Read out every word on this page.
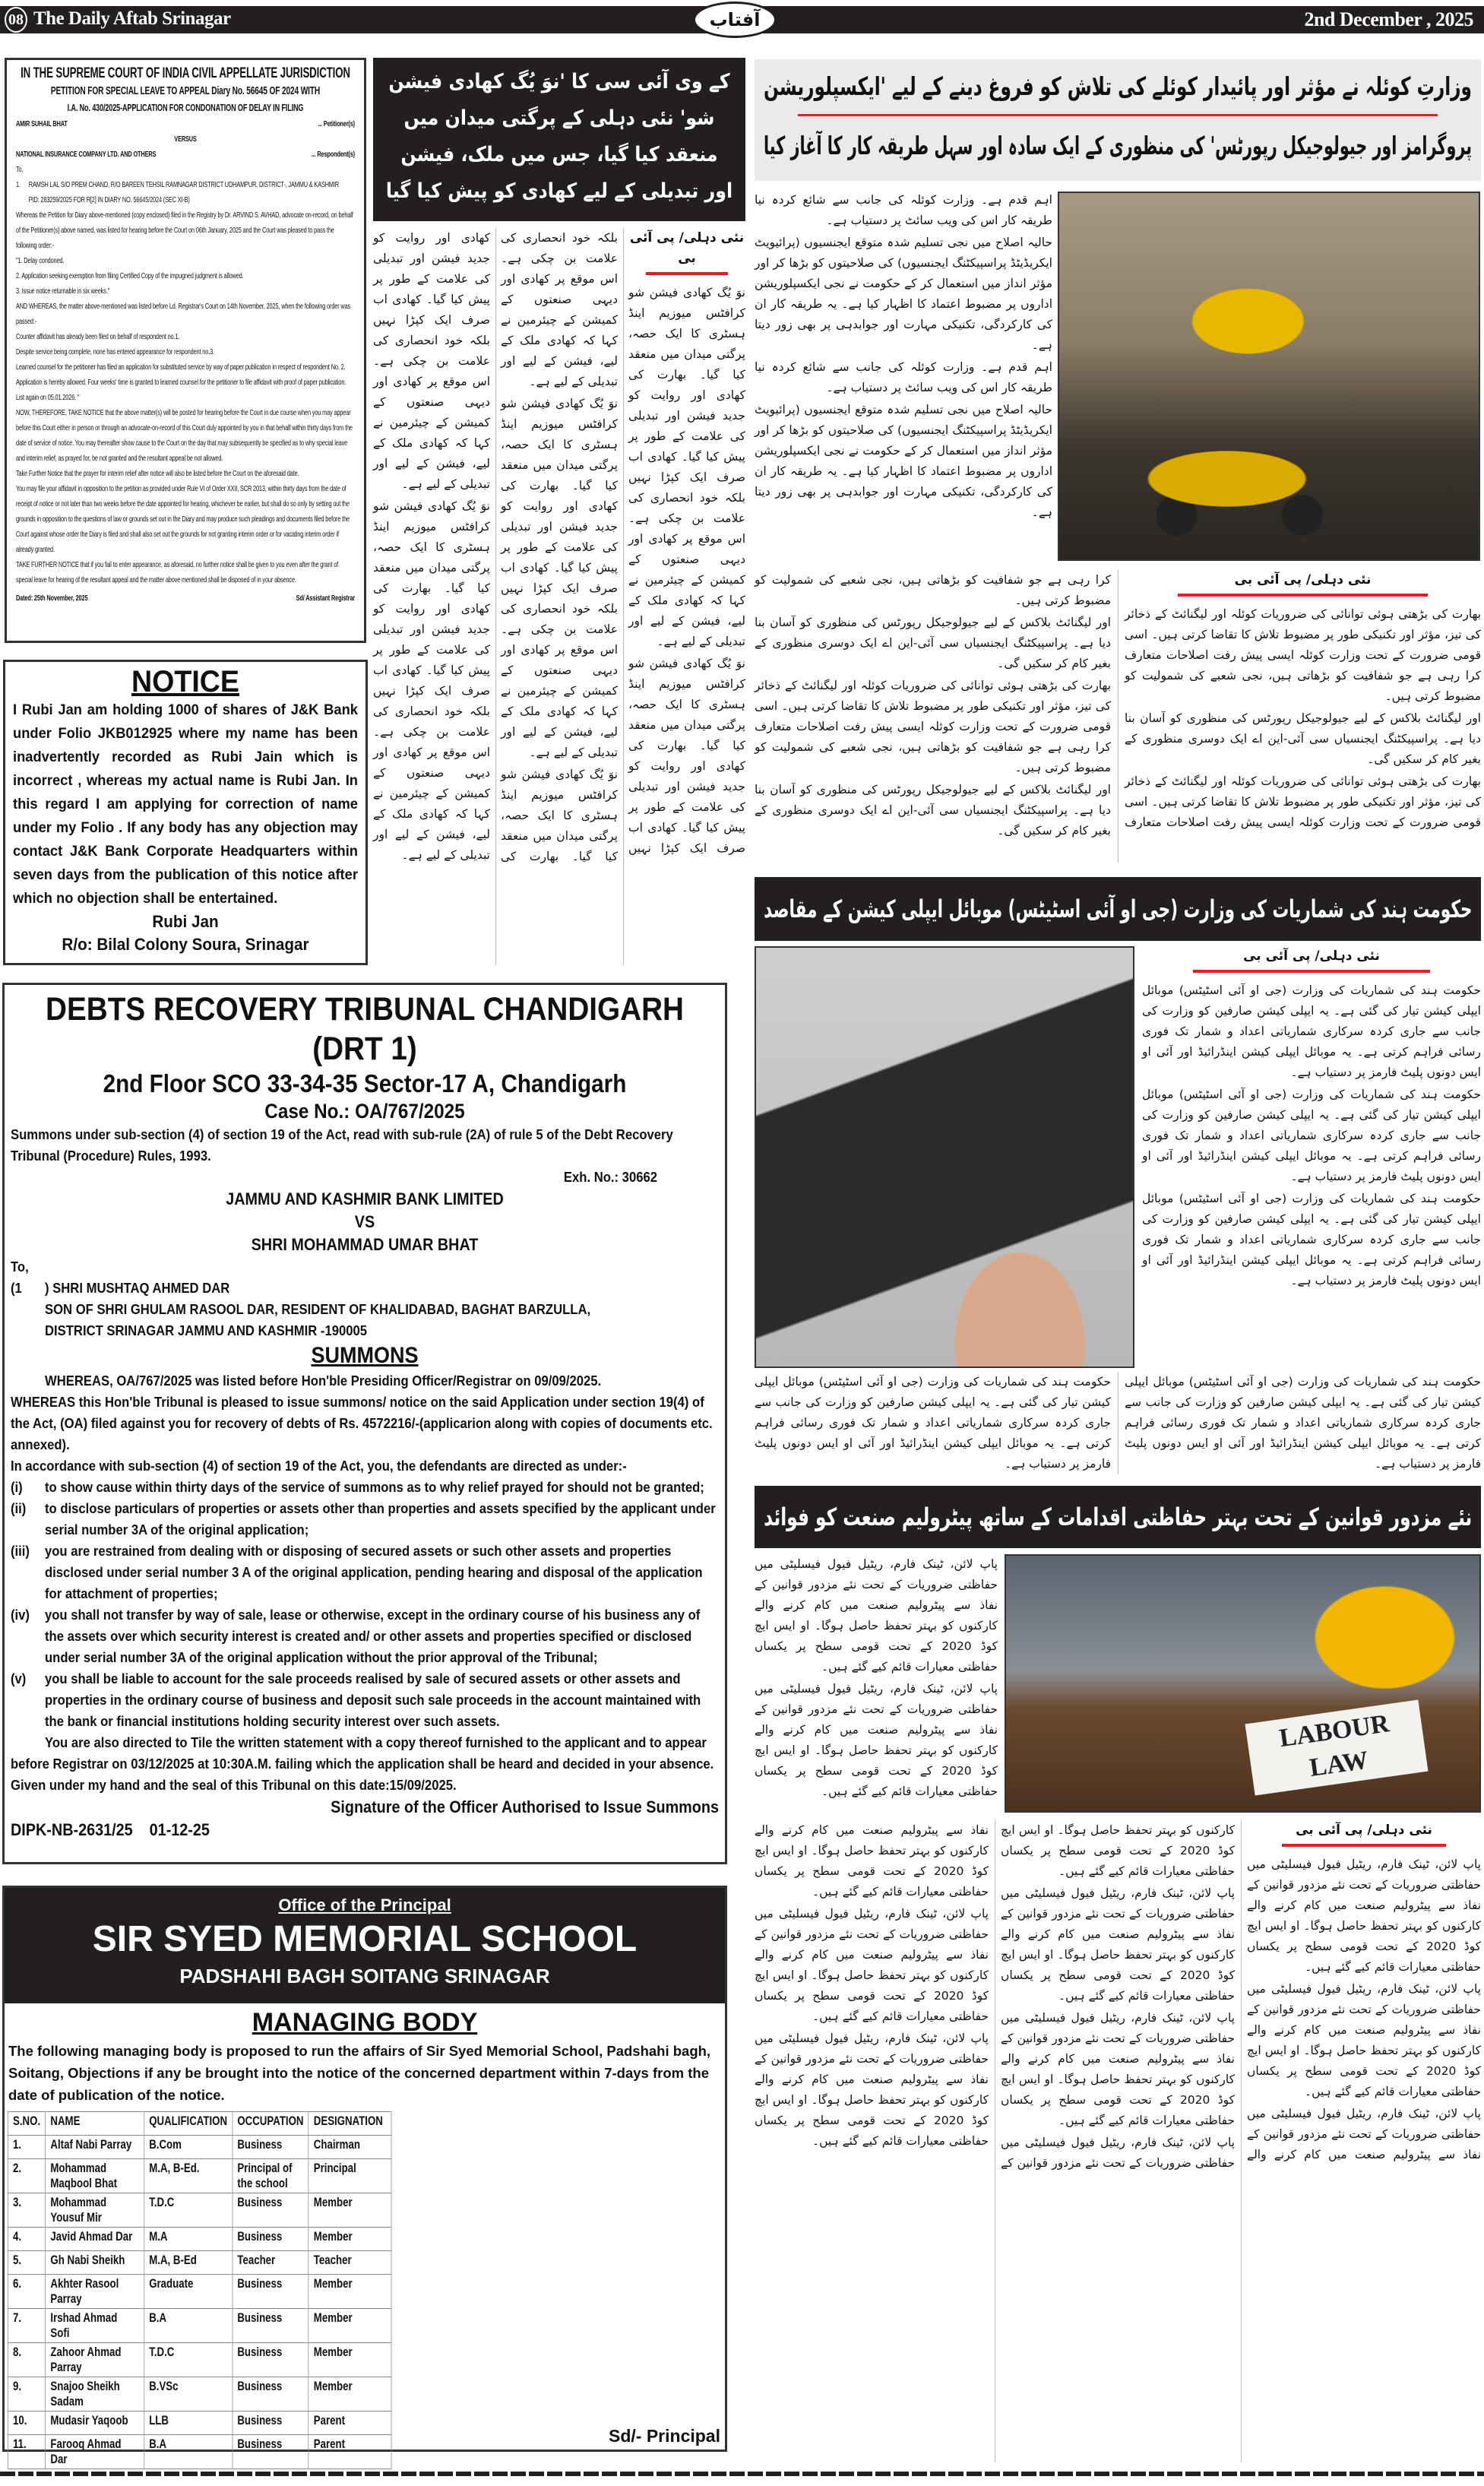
08 The Daily Aftab Srinagar	آفتاب	2nd December , 2025
IN THE SUPREME COURT OF INDIA CIVIL APPELLATE JURISDICTION
PETITION FOR SPECIAL LEAVE TO APPEAL Diary No. 56645 OF 2024 WITH
I.A. No. 430/2025-APPLICATION FOR CONDONATION OF DELAY IN FILING
AMIR SUHAIL BHAT	... Petitioner(s)
VERSUS
NATIONAL INSURANCE COMPANY LTD. AND OTHERS	... Respondent(s)
To,
1.	RAMSH LAL S/O PREM CHAND, R/O BAREEN TEHSIL RAMNAGAR DISTRICT UDHAMPUR, DISTRICT-, JAMMU & KASHMIR
PID: 283259/2025 FOR R[2] IN DIARY NO. 56645/2024 (SEC XI-B)
Whereas the Petition for Diary above-mentioned (copy enclosed) filed in the Registry by Dr. ARVIND S. AVHAD, advocate on-record, on behalf of the Petitioner(s) above named, was listed for hearing before the Court on 06th January, 2025 and the Court was pleased to pass the following order:-
"1. Delay condoned.
2. Application seeking exemption from filing Certified Copy of the impugned judgment is allowed.
3. Issue notice returnable in six weeks."
AND WHEREAS, the matter above-mentioned was listed before Ld. Registrar's Court on 14th November, 2025, when the following order was passed:-
Counter affidavit has already been filed on behalf of respondent no.1.
Despite service being complete, none has entered appearance for respondent no.3.
Learned counsel for the petitioner has filed an application for substituted service by way of paper publication in respect of respondent No. 2. Application is hereby allowed. Four weeks' time is granted to learned counsel for the petitioner to file affidavit with proof of paper publication.
List again on 05.01.2026. "
NOW, THEREFORE, TAKE NOTICE that the above matter(s) will be posted for hearing before the Court in due course when you may appear before this Court either in person or through an advocate-on-record of this Court duly appointed by you in that behalf within thirty days from the date of service of notice. You may thereafter show cause to the Court on the day that may subsequently be specified as to why special leave and interim relief, as prayed for, be not granted and the resultant appeal be not allowed.
Take Further Notice that the prayer for interim relief after notice will also be listed before the Court on the aforesaid date.
You may file your affidavit in opposition to the petition as provided under Rule VI of Order XXII, SCR 2013, within thirty days from the date of receipt of notice or not later than two weeks before the date appointed for hearing, whichever be earlier, but shall do so only by setting out the grounds in opposition to the questions of law or grounds set out in the Diary and may produce such pleadings and documents filed before the Court against whose order the Diary is filed and shall also set out the grounds for not granting interim order or for vacating interim order if already granted.
TAKE FURTHER NOTICE that if you fail to enter appearance, as aforesaid, no further notice shall be given to you even after the grant of special leave for hearing of the resultant appeal and the matter above mentioned shall be disposed of in your absence.
Dated: 25th November, 2025	Sd/ Assistant Registrar
NOTICE
I Rubi Jan am holding 1000 of shares of J&K Bank under Folio JKB012925 where my name has been inadvertently recorded as Rubi Jain which is incorrect , whereas my actual name is Rubi Jan. In this regard I am applying for correction of name under my Folio . If any body has any objection may contact J&K Bank Corporate Headquarters within seven days from the publication of this notice after which no objection shall be entertained.
Rubi Jan
R/o: Bilal Colony Soura, Srinagar
کے وی آئی سی کا 'نوَ یُگ کھادی فیشن شو' نئی دہلی کے پرگتی میدان میں منعقد کیا گیا، جس میں ملک، فیشن اور تبدیلی کے لیے کھادی کو پیش کیا گیا
نئی دہلی/ پی آئی بی

نوَ یُگ کھادی فیشن شو کرافٹس میوزیم اینڈ ہسٹری کا ایک حصہ، پرگتی میدان میں منعقد کیا گیا۔ بھارت کی کھادی اور روایت کو جدید فیشن اور تبدیلی کی علامت کے طور پر پیش کیا گیا۔ کھادی اب صرف ایک کپڑا نہیں بلکہ خود انحصاری کی علامت بن چکی ہے۔ اس موقع پر کھادی اور دیہی صنعتوں کے کمیشن کے چیئرمین نے کہا کہ کھادی ملک کے لیے، فیشن کے لیے اور تبدیلی کے لیے ہے۔

نوَ یُگ کھادی فیشن شو کرافٹس میوزیم اینڈ ہسٹری کا ایک حصہ، پرگتی میدان میں منعقد کیا گیا۔ بھارت کی کھادی اور روایت کو جدید فیشن اور تبدیلی کی علامت کے طور پر پیش کیا گیا۔ کھادی اب صرف ایک کپڑا نہیں بلکہ خود انحصاری کی علامت بن چکی ہے۔ اس موقع پر کھادی اور دیہی صنعتوں کے کمیشن کے چیئرمین نے کہا کہ کھادی ملک کے لیے، فیشن کے لیے اور تبدیلی کے لیے ہے۔

نوَ یُگ کھادی فیشن شو کرافٹس میوزیم اینڈ ہسٹری کا ایک حصہ، پرگتی میدان میں منعقد کیا گیا۔ بھارت کی کھادی اور روایت کو جدید فیشن اور تبدیلی کی علامت کے طور پر پیش کیا گیا۔ کھادی اب صرف ایک کپڑا نہیں بلکہ خود انحصاری کی علامت بن چکی ہے۔ اس موقع پر کھادی اور دیہی صنعتوں کے کمیشن کے چیئرمین نے کہا کہ کھادی ملک کے لیے، فیشن کے لیے اور تبدیلی کے لیے ہے۔

نوَ یُگ کھادی فیشن شو کرافٹس میوزیم اینڈ ہسٹری کا ایک حصہ، پرگتی میدان میں منعقد کیا گیا۔ بھارت کی کھادی اور روایت کو جدید فیشن اور تبدیلی کی علامت کے طور پر پیش کیا گیا۔ کھادی اب صرف ایک کپڑا نہیں بلکہ خود انحصاری کی علامت بن چکی ہے۔ اس موقع پر کھادی اور دیہی صنعتوں کے کمیشن کے چیئرمین نے کہا کہ کھادی ملک کے لیے، فیشن کے لیے اور تبدیلی کے لیے ہے۔

نوَ یُگ کھادی فیشن شو کرافٹس میوزیم اینڈ ہسٹری کا ایک حصہ، پرگتی میدان میں منعقد کیا گیا۔ بھارت کی کھادی اور روایت کو جدید فیشن اور تبدیلی کی علامت کے طور پر پیش کیا گیا۔ کھادی اب صرف ایک کپڑا نہیں بلکہ خود انحصاری کی علامت بن چکی ہے۔ اس موقع پر کھادی اور دیہی صنعتوں کے کمیشن کے چیئرمین نے کہا کہ کھادی ملک کے لیے، فیشن کے لیے اور تبدیلی کے لیے ہے۔

وزارتِ کوئلہ نے مؤثر اور پائیدار کوئلے کی تلاش کو فروغ دینے کے لیے 'ایکسپلوریشن
پروگرامز اور جیولوجیکل رپورٹس' کی منظوری کے ایک سادہ اور سہل طریقہ کار کا آغاز کیا

اہم قدم ہے۔ وزارت کوئلہ کی جانب سے شائع کردہ نیا طریقہ کار اس کی ویب سائٹ پر دستیاب ہے۔

حالیہ اصلاح میں نجی تسلیم شدہ متوقع ایجنسیوں (پرائیویٹ ایکریڈیٹڈ پراسپیکٹنگ ایجنسیوں) کی صلاحیتوں کو بڑھا کر اور مؤثر انداز میں استعمال کر کے حکومت نے نجی ایکسپلوریشن اداروں پر مضبوط اعتماد کا اظہار کیا ہے۔ یہ طریقہ کار ان کی کارکردگی، تکنیکی مہارت اور جوابدہی پر بھی زور دیتا ہے۔

اہم قدم ہے۔ وزارت کوئلہ کی جانب سے شائع کردہ نیا طریقہ کار اس کی ویب سائٹ پر دستیاب ہے۔

حالیہ اصلاح میں نجی تسلیم شدہ متوقع ایجنسیوں (پرائیویٹ ایکریڈیٹڈ پراسپیکٹنگ ایجنسیوں) کی صلاحیتوں کو بڑھا کر اور مؤثر انداز میں استعمال کر کے حکومت نے نجی ایکسپلوریشن اداروں پر مضبوط اعتماد کا اظہار کیا ہے۔ یہ طریقہ کار ان کی کارکردگی، تکنیکی مہارت اور جوابدہی پر بھی زور دیتا ہے۔

نئی دہلی/ پی آئی بی

بھارت کی بڑھتی ہوئی توانائی کی ضروریات کوئلہ اور لیگنائٹ کے ذخائر کی تیز، مؤثر اور تکنیکی طور پر مضبوط تلاش کا تقاضا کرتی ہیں۔ اسی قومی ضرورت کے تحت وزارت کوئلہ ایسی پیش رفت اصلاحات متعارف کرا رہی ہے جو شفافیت کو بڑھاتی ہیں، نجی شعبے کی شمولیت کو مضبوط کرتی ہیں۔

اور لیگنائٹ بلاکس کے لیے جیولوجیکل رپورٹس کی منظوری کو آسان بنا دیا ہے۔ پراسپیکٹنگ ایجنسیاں سی آئی-این اے ایک دوسری منظوری کے بغیر کام کر سکیں گی۔

بھارت کی بڑھتی ہوئی توانائی کی ضروریات کوئلہ اور لیگنائٹ کے ذخائر کی تیز، مؤثر اور تکنیکی طور پر مضبوط تلاش کا تقاضا کرتی ہیں۔ اسی قومی ضرورت کے تحت وزارت کوئلہ ایسی پیش رفت اصلاحات متعارف کرا رہی ہے جو شفافیت کو بڑھاتی ہیں، نجی شعبے کی شمولیت کو مضبوط کرتی ہیں۔

اور لیگنائٹ بلاکس کے لیے جیولوجیکل رپورٹس کی منظوری کو آسان بنا دیا ہے۔ پراسپیکٹنگ ایجنسیاں سی آئی-این اے ایک دوسری منظوری کے بغیر کام کر سکیں گی۔

بھارت کی بڑھتی ہوئی توانائی کی ضروریات کوئلہ اور لیگنائٹ کے ذخائر کی تیز، مؤثر اور تکنیکی طور پر مضبوط تلاش کا تقاضا کرتی ہیں۔ اسی قومی ضرورت کے تحت وزارت کوئلہ ایسی پیش رفت اصلاحات متعارف کرا رہی ہے جو شفافیت کو بڑھاتی ہیں، نجی شعبے کی شمولیت کو مضبوط کرتی ہیں۔

اور لیگنائٹ بلاکس کے لیے جیولوجیکل رپورٹس کی منظوری کو آسان بنا دیا ہے۔ پراسپیکٹنگ ایجنسیاں سی آئی-این اے ایک دوسری منظوری کے بغیر کام کر سکیں گی۔

حکومت ہند کی شماریات کی وزارت (جی او آئی اسٹیٹس) موبائل ایپلی کیشن کے مقاصد
نئی دہلی/ پی آئی بی

حکومت ہند کی شماریات کی وزارت (جی او آئی اسٹیٹس) موبائل ایپلی کیشن تیار کی گئی ہے۔ یہ ایپلی کیشن صارفین کو وزارت کی جانب سے جاری کردہ سرکاری شماریاتی اعداد و شمار تک فوری رسائی فراہم کرتی ہے۔ یہ موبائل ایپلی کیشن اینڈرائیڈ اور آئی او ایس دونوں پلیٹ فارمز پر دستیاب ہے۔

حکومت ہند کی شماریات کی وزارت (جی او آئی اسٹیٹس) موبائل ایپلی کیشن تیار کی گئی ہے۔ یہ ایپلی کیشن صارفین کو وزارت کی جانب سے جاری کردہ سرکاری شماریاتی اعداد و شمار تک فوری رسائی فراہم کرتی ہے۔ یہ موبائل ایپلی کیشن اینڈرائیڈ اور آئی او ایس دونوں پلیٹ فارمز پر دستیاب ہے۔

حکومت ہند کی شماریات کی وزارت (جی او آئی اسٹیٹس) موبائل ایپلی کیشن تیار کی گئی ہے۔ یہ ایپلی کیشن صارفین کو وزارت کی جانب سے جاری کردہ سرکاری شماریاتی اعداد و شمار تک فوری رسائی فراہم کرتی ہے۔ یہ موبائل ایپلی کیشن اینڈرائیڈ اور آئی او ایس دونوں پلیٹ فارمز پر دستیاب ہے۔

حکومت ہند کی شماریات کی وزارت (جی او آئی اسٹیٹس) موبائل ایپلی کیشن تیار کی گئی ہے۔ یہ ایپلی کیشن صارفین کو وزارت کی جانب سے جاری کردہ سرکاری شماریاتی اعداد و شمار تک فوری رسائی فراہم کرتی ہے۔ یہ موبائل ایپلی کیشن اینڈرائیڈ اور آئی او ایس دونوں پلیٹ فارمز پر دستیاب ہے۔

حکومت ہند کی شماریات کی وزارت (جی او آئی اسٹیٹس) موبائل ایپلی کیشن تیار کی گئی ہے۔ یہ ایپلی کیشن صارفین کو وزارت کی جانب سے جاری کردہ سرکاری شماریاتی اعداد و شمار تک فوری رسائی فراہم کرتی ہے۔ یہ موبائل ایپلی کیشن اینڈرائیڈ اور آئی او ایس دونوں پلیٹ فارمز پر دستیاب ہے۔

نئے مزدور قوانین کے تحت بہتر حفاظتی اقدامات کے ساتھ پیٹرولیم صنعت کو فوائد

پاپ لائن، ٹینک فارم، ریٹیل فیول فیسلیٹی میں حفاظتی ضروریات کے تحت نئے مزدور قوانین کے نفاذ سے پیٹرولیم صنعت میں کام کرنے والے کارکنوں کو بہتر تحفظ حاصل ہوگا۔ او ایس ایچ کوڈ 2020 کے تحت قومی سطح پر یکساں حفاظتی معیارات قائم کیے گئے ہیں۔

پاپ لائن، ٹینک فارم، ریٹیل فیول فیسلیٹی میں حفاظتی ضروریات کے تحت نئے مزدور قوانین کے نفاذ سے پیٹرولیم صنعت میں کام کرنے والے کارکنوں کو بہتر تحفظ حاصل ہوگا۔ او ایس ایچ کوڈ 2020 کے تحت قومی سطح پر یکساں حفاظتی معیارات قائم کیے گئے ہیں۔

LABOUR LAW
نئی دہلی/ پی آئی بی

پاپ لائن، ٹینک فارم، ریٹیل فیول فیسلیٹی میں حفاظتی ضروریات کے تحت نئے مزدور قوانین کے نفاذ سے پیٹرولیم صنعت میں کام کرنے والے کارکنوں کو بہتر تحفظ حاصل ہوگا۔ او ایس ایچ کوڈ 2020 کے تحت قومی سطح پر یکساں حفاظتی معیارات قائم کیے گئے ہیں۔

پاپ لائن، ٹینک فارم، ریٹیل فیول فیسلیٹی میں حفاظتی ضروریات کے تحت نئے مزدور قوانین کے نفاذ سے پیٹرولیم صنعت میں کام کرنے والے کارکنوں کو بہتر تحفظ حاصل ہوگا۔ او ایس ایچ کوڈ 2020 کے تحت قومی سطح پر یکساں حفاظتی معیارات قائم کیے گئے ہیں۔

پاپ لائن، ٹینک فارم، ریٹیل فیول فیسلیٹی میں حفاظتی ضروریات کے تحت نئے مزدور قوانین کے نفاذ سے پیٹرولیم صنعت میں کام کرنے والے کارکنوں کو بہتر تحفظ حاصل ہوگا۔ او ایس ایچ کوڈ 2020 کے تحت قومی سطح پر یکساں حفاظتی معیارات قائم کیے گئے ہیں۔

پاپ لائن، ٹینک فارم، ریٹیل فیول فیسلیٹی میں حفاظتی ضروریات کے تحت نئے مزدور قوانین کے نفاذ سے پیٹرولیم صنعت میں کام کرنے والے کارکنوں کو بہتر تحفظ حاصل ہوگا۔ او ایس ایچ کوڈ 2020 کے تحت قومی سطح پر یکساں حفاظتی معیارات قائم کیے گئے ہیں۔

پاپ لائن، ٹینک فارم، ریٹیل فیول فیسلیٹی میں حفاظتی ضروریات کے تحت نئے مزدور قوانین کے نفاذ سے پیٹرولیم صنعت میں کام کرنے والے کارکنوں کو بہتر تحفظ حاصل ہوگا۔ او ایس ایچ کوڈ 2020 کے تحت قومی سطح پر یکساں حفاظتی معیارات قائم کیے گئے ہیں۔

پاپ لائن، ٹینک فارم، ریٹیل فیول فیسلیٹی میں حفاظتی ضروریات کے تحت نئے مزدور قوانین کے نفاذ سے پیٹرولیم صنعت میں کام کرنے والے کارکنوں کو بہتر تحفظ حاصل ہوگا۔ او ایس ایچ کوڈ 2020 کے تحت قومی سطح پر یکساں حفاظتی معیارات قائم کیے گئے ہیں۔

پاپ لائن، ٹینک فارم، ریٹیل فیول فیسلیٹی میں حفاظتی ضروریات کے تحت نئے مزدور قوانین کے نفاذ سے پیٹرولیم صنعت میں کام کرنے والے کارکنوں کو بہتر تحفظ حاصل ہوگا۔ او ایس ایچ کوڈ 2020 کے تحت قومی سطح پر یکساں حفاظتی معیارات قائم کیے گئے ہیں۔

پاپ لائن، ٹینک فارم، ریٹیل فیول فیسلیٹی میں حفاظتی ضروریات کے تحت نئے مزدور قوانین کے نفاذ سے پیٹرولیم صنعت میں کام کرنے والے کارکنوں کو بہتر تحفظ حاصل ہوگا۔ او ایس ایچ کوڈ 2020 کے تحت قومی سطح پر یکساں حفاظتی معیارات قائم کیے گئے ہیں۔

DEBTS RECOVERY TRIBUNAL CHANDIGARH (DRT 1)
2nd Floor SCO 33-34-35 Sector-17 A, Chandigarh
Case No.: OA/767/2025
Summons under sub-section (4) of section 19 of the Act, read with sub-rule (2A) of rule 5 of the Debt Recovery Tribunal (Procedure) Rules, 1993.
Exh. No.: 30662
JAMMU AND KASHMIR BANK LIMITED
VS
SHRI MOHAMMAD UMAR BHAT
To,
(1	) SHRI MUSHTAQ AHMED DAR
SON OF SHRI GHULAM RASOOL DAR, RESIDENT OF KHALIDABAD, BAGHAT BARZULLA,
DISTRICT SRINAGAR JAMMU AND KASHMIR -190005
SUMMONS
WHEREAS, OA/767/2025 was listed before Hon'ble Presiding Officer/Registrar on 09/09/2025.
WHEREAS this Hon'ble Tribunal is pleased to issue summons/ notice on the said Application under section 19(4) of the Act, (OA) filed against you for recovery of debts of Rs. 4572216/-(applicarion along with copies of documents etc. annexed).
In accordance with sub-section (4) of section 19 of the Act, you, the defendants are directed as under:-
(i)	to show cause within thirty days of the service of summons as to why relief prayed for should not be granted;
(ii)	to disclose particulars of properties or assets other than properties and assets specified by the applicant under serial number 3A of the original application;
(iii)	you are restrained from dealing with or disposing of secured assets or such other assets and properties disclosed under serial number 3 A of the original application, pending hearing and disposal of the application for attachment of properties;
(iv)	you shall not transfer by way of sale, lease or otherwise, except in the ordinary course of his business any of the assets over which security interest is created and/ or other assets and properties specified or disclosed under serial number 3A of the original application without the prior approval of the Tribunal;
(v)	you shall be liable to account for the sale proceeds realised by sale of secured assets or other assets and properties in the ordinary course of business and deposit such sale proceeds in the account maintained with the bank or financial institutions holding security interest over such assets.
You are also directed to Tile the written statement with a copy thereof furnished to the applicant and to appear before Registrar on 03/12/2025 at 10:30A.M. failing which the application shall be heard and decided in your absence.
Given under my hand and the seal of this Tribunal on this date:15/09/2025.
Signature of the Officer Authorised to Issue Summons
DIPK-NB-2631/25    01-12-25
Office of the Principal
SIR SYED MEMORIAL SCHOOL
PADSHAHI BAGH SOITANG SRINAGAR
MANAGING BODY
The following managing body is proposed to run the affairs of Sir Syed Memorial School, Padshahi bagh, Soitang, Objections if any be brought into the notice of the concerned department within 7-days from the date of publication of the notice.
S.NO.	NAME	QUALIFICATION	OCCUPATION	DESIGNATION
1.	Altaf Nabi Parray	B.Com	Business	Chairman
2.	Mohammad Maqbool Bhat	M.A, B-Ed.	Principal of the school	Principal
3.	Mohammad Yousuf Mir	T.D.C	Business	Member
4.	Javid Ahmad Dar	M.A	Business	Member
5.	Gh Nabi Sheikh	M.A, B-Ed	Teacher	Teacher
6.	Akhter Rasool Parray	Graduate	Business	Member
7.	Irshad Ahmad Sofi	B.A	Business	Member
8.	Zahoor Ahmad Parray	T.D.C	Business	Member
9.	Snajoo Sheikh Sadam	B.VSc	Business	Member
10.	Mudasir Yaqoob	LLB	Business	Parent
11.	Farooq Ahmad Dar	B.A	Business	Parent	Sd/- Principal
